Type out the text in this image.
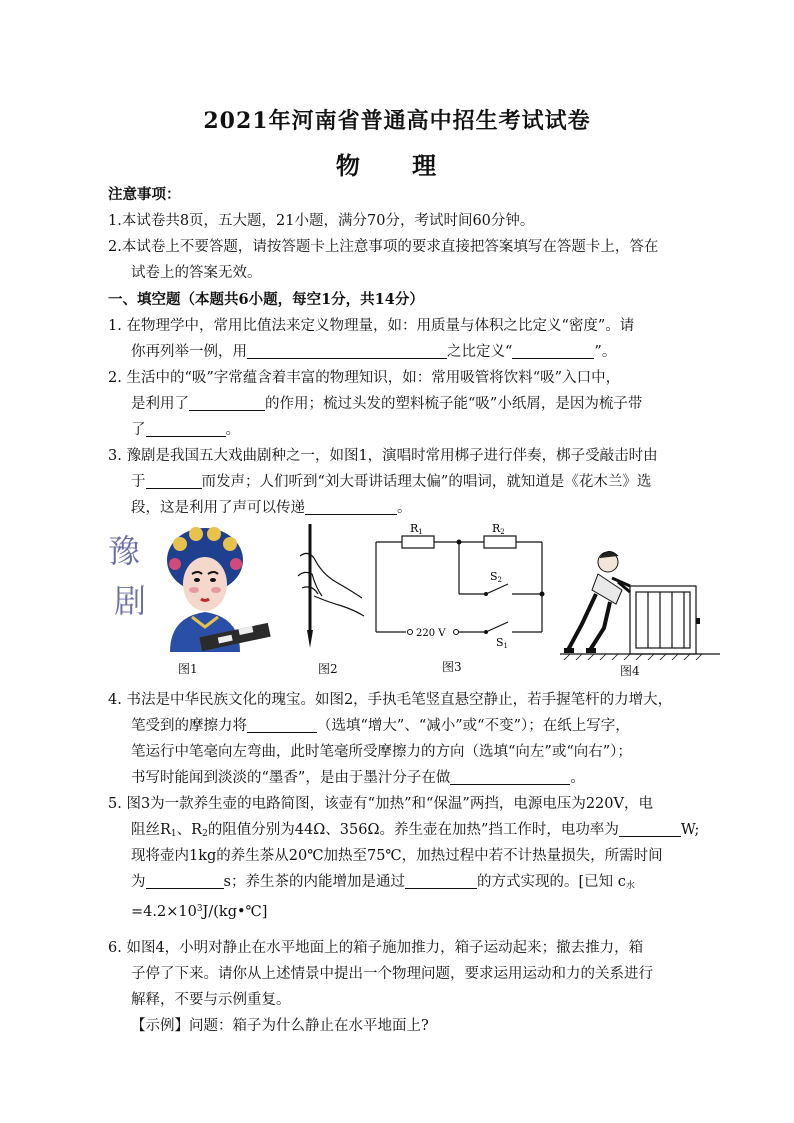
2021年河南省普通高中招生考试试卷
物 理
注意事项：
1.本试卷共8页，五大题，21小题，满分70分，考试时间60分钟。
2.本试卷上不要答题，请按答题卡上注意事项的要求直接把答案填写在答题卡上，答在
试卷上的答案无效。
一、填空题（本题共6小题，每空1分，共14分）
1. 在物理学中，常用比值法来定义物理量，如：用质量与体积之比定义“密度”。请
你再列举一例，用	之比定义“	”。
2. 生活中的“吸”字常蕴含着丰富的物理知识，如：常用吸管将饮料“吸”入口中，
是利用了	的作用；梳过头发的塑料梳子能“吸”小纸屑，是因为梳子带
了	。
3. 豫剧是我国五大戏曲剧种之一，如图1，演唱时常用梆子进行伴奏，梆子受敲击时由
于	而发声；人们听到“刘大哥讲话理太偏”的唱词，就知道是《花木兰》选
段，这是利用了声可以传递	。
豫
剧
图1	图2
R1	R2
S2
S1
220 V
图3	图4
4. 书法是中华民族文化的瑰宝。如图2，手执毛笔竖直悬空静止，若手握笔杆的力增大，
笔受到的摩擦力将	（选填“增大”、“减小”或“不变”）；在纸上写字，
笔运行中笔毫向左弯曲，此时笔毫所受摩擦力的方向（选填“向左”或“向右”）；
书写时能闻到淡淡的“墨香”，是由于墨汁分子在做	。
5. 图3为一款养生壶的电路简图，该壶有“加热”和“保温”两挡，电源电压为220V，电
阻丝$R_1$、$R_2$的阻值分别为44Ω、356Ω。养生壶在加热”挡工作时，电功率为	W;
现将壶内1kg的养生茶从20℃加热至75℃，加热过程中若不计热量损失，所需时间
为	s；养生茶的内能增加是通过	的方式实现的。[已知 $c_水$
$=4.2\times 10^3J/(kg•℃]$
6. 如图4，小明对静止在水平地面上的箱子施加推力，箱子运动起来；撤去推力，箱
子停了下来。请你从上述情景中提出一个物理问题，要求运用运动和力的关系进行
解释，不要与示例重复。
【示例】问题：箱子为什么静止在水平地面上?
